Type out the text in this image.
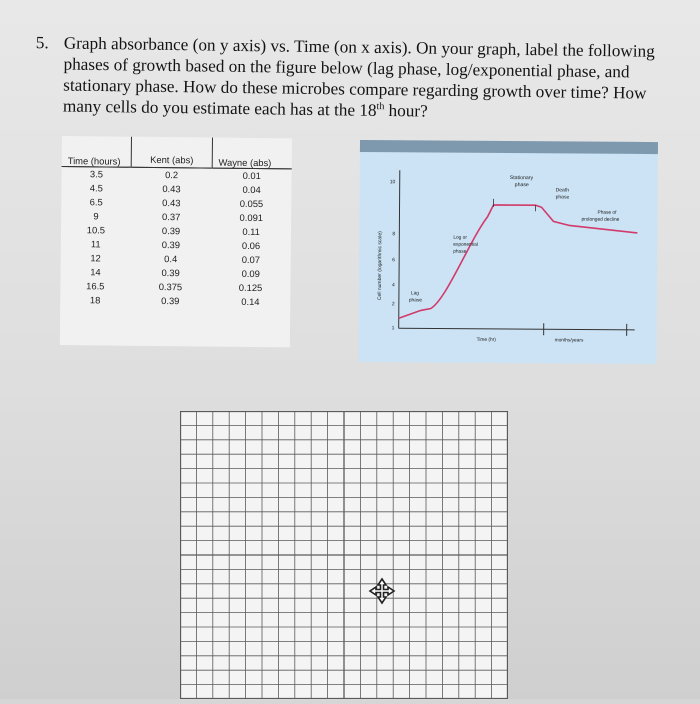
5. Graph absorbance (on y axis) vs. Time (on x axis). On your graph, label the following
phases of growth based on the figure below (lag phase, log/exponential phase, and
stationary phase. How do these microbes compare regarding growth over time? How
many cells do you estimate each has at the 18th hour?
Time (hours)	Kent (abs)	Wayne (abs)
3.5	0.2	0.01
4.5	0.43	0.04
6.5	0.43	0.055
9	0.37	0.091
10.5	0.39	0.11
11	0.39	0.06
12	0.4	0.07
14	0.39	0.09
16.5	0.375	0.125
18	0.39	0.14
10
8
6
4
2
1
Cell number (logarithmic scale)
Stationary
phase
Death
phase
Phase of
prolonged decline
Log or
exponential
phase
Lag
phase
Time (hr)	months/years
